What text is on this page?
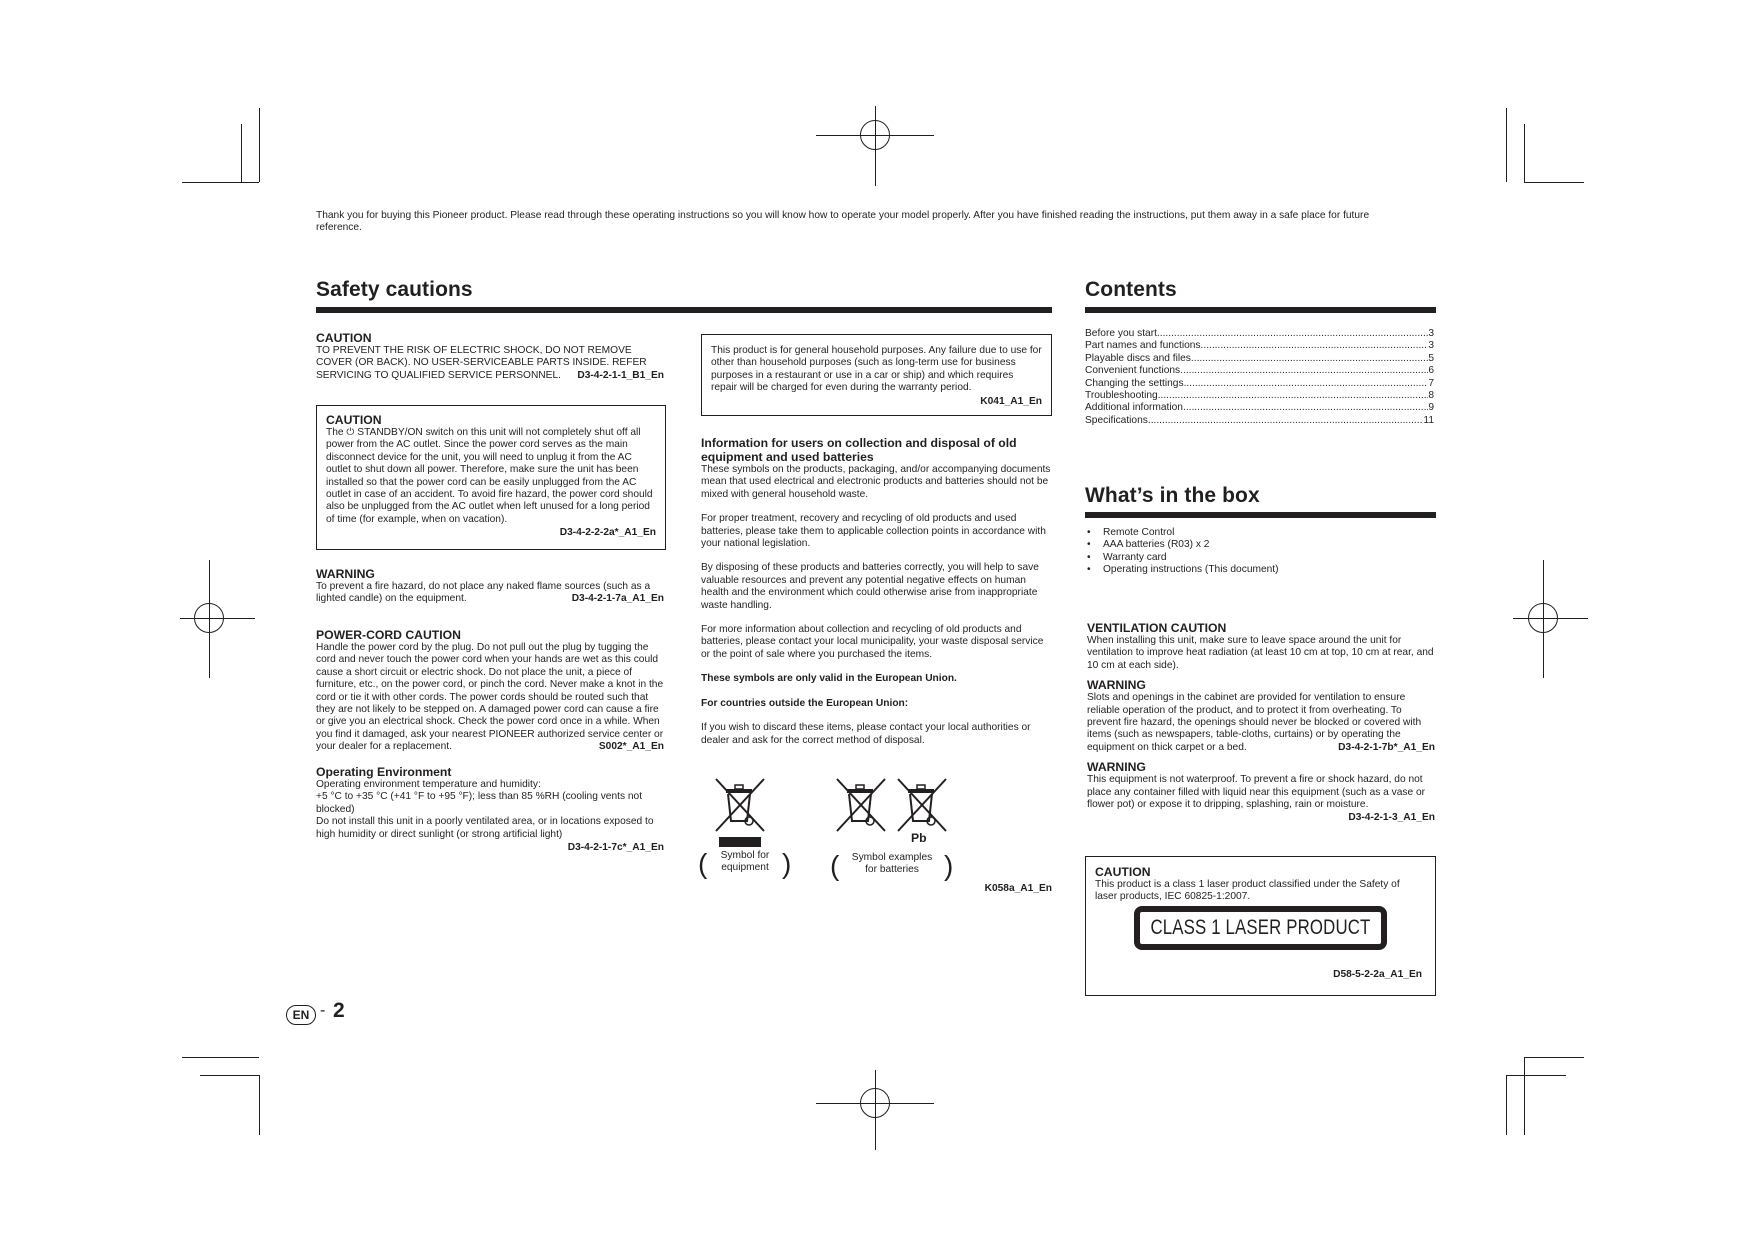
Thank you for buying this Pioneer product. Please read through these operating instructions so you will know how to operate your model properly. After you have finished reading the instructions, put them away in a safe place for future reference.
Safety cautions
CAUTION
TO PREVENT THE RISK OF ELECTRIC SHOCK, DO NOT REMOVE COVER (OR BACK). NO USER-SERVICEABLE PARTS INSIDE. REFER SERVICING TO QUALIFIED SERVICE PERSONNEL. D3-4-2-1-1_B1_En
CAUTION
The ⏻ STANDBY/ON switch on this unit will not completely shut off all power from the AC outlet. Since the power cord serves as the main disconnect device for the unit, you will need to unplug it from the AC outlet to shut down all power. Therefore, make sure the unit has been installed so that the power cord can be easily unplugged from the AC outlet in case of an accident. To avoid fire hazard, the power cord should also be unplugged from the AC outlet when left unused for a long period of time (for example, when on vacation).
D3-4-2-2-2a*_A1_En
WARNING
To prevent a fire hazard, do not place any naked flame sources (such as a lighted candle) on the equipment.	D3-4-2-1-7a_A1_En
POWER-CORD CAUTION
Handle the power cord by the plug. Do not pull out the plug by tugging the cord and never touch the power cord when your hands are wet as this could cause a short circuit or electric shock. Do not place the unit, a piece of furniture, etc., on the power cord, or pinch the cord. Never make a knot in the cord or tie it with other cords. The power cords should be routed such that they are not likely to be stepped on. A damaged power cord can cause a fire or give you an electrical shock. Check the power cord once in a while. When you find it damaged, ask your nearest PIONEER authorized service center or your dealer for a replacement.	S002*_A1_En
Operating Environment
Operating environment temperature and humidity:
+5 °C to +35 °C (+41 °F to +95 °F); less than 85 %RH (cooling vents not blocked)
Do not install this unit in a poorly ventilated area, or in locations exposed to high humidity or direct sunlight (or strong artificial light)
D3-4-2-1-7c*_A1_En
This product is for general household purposes. Any failure due to use for other than household purposes (such as long-term use for business purposes in a restaurant or use in a car or ship) and which requires repair will be charged for even during the warranty period.
K041_A1_En
Information for users on collection and disposal of old equipment and used batteries
These symbols on the products, packaging, and/or accompanying documents mean that used electrical and electronic products and batteries should not be mixed with general household waste.
For proper treatment, recovery and recycling of old products and used batteries, please take them to applicable collection points in accordance with your national legislation.
By disposing of these products and batteries correctly, you will help to save valuable resources and prevent any potential negative effects on human health and the environment which could otherwise arise from inappropriate waste handling.
For more information about collection and recycling of old products and batteries, please contact your local municipality, your waste disposal service or the point of sale where you purchased the items.
These symbols are only valid in the European Union.
For countries outside the European Union:
If you wish to discard these items, please contact your local authorities or dealer and ask for the correct method of disposal.
Pb
(	Symbol for
equipment ) (	Symbol examples
for batteries )
K058a_A1_En
Contents
Before you start .....	3
Part names and functions .....	3
Playable discs and files .....	5
Convenient functions .....	6
Changing the settings .....	7
Troubleshooting .....	8
Additional information .....	9
Specifications .....	11
What’s in the box
• Remote Control
• AAA batteries (R03) x 2
• Warranty card
• Operating instructions (This document)
VENTILATION CAUTION
When installing this unit, make sure to leave space around the unit for ventilation to improve heat radiation (at least 10 cm at top, 10 cm at rear, and 10 cm at each side).
WARNING
Slots and openings in the cabinet are provided for ventilation to ensure reliable operation of the product, and to protect it from overheating. To prevent fire hazard, the openings should never be blocked or covered with items (such as newspapers, table-cloths, curtains) or by operating the equipment on thick carpet or a bed.	D3-4-2-1-7b*_A1_En
WARNING
This equipment is not waterproof. To prevent a fire or shock hazard, do not place any container filled with liquid near this equipment (such as a vase or flower pot) or expose it to dripping, splashing, rain or moisture.
D3-4-2-1-3_A1_En
CAUTION
This product is a class 1 laser product classified under the Safety of laser products, IEC 60825-1:2007.
CLASS 1 LASER PRODUCT
D58-5-2-2a_A1_En
EN - 2
